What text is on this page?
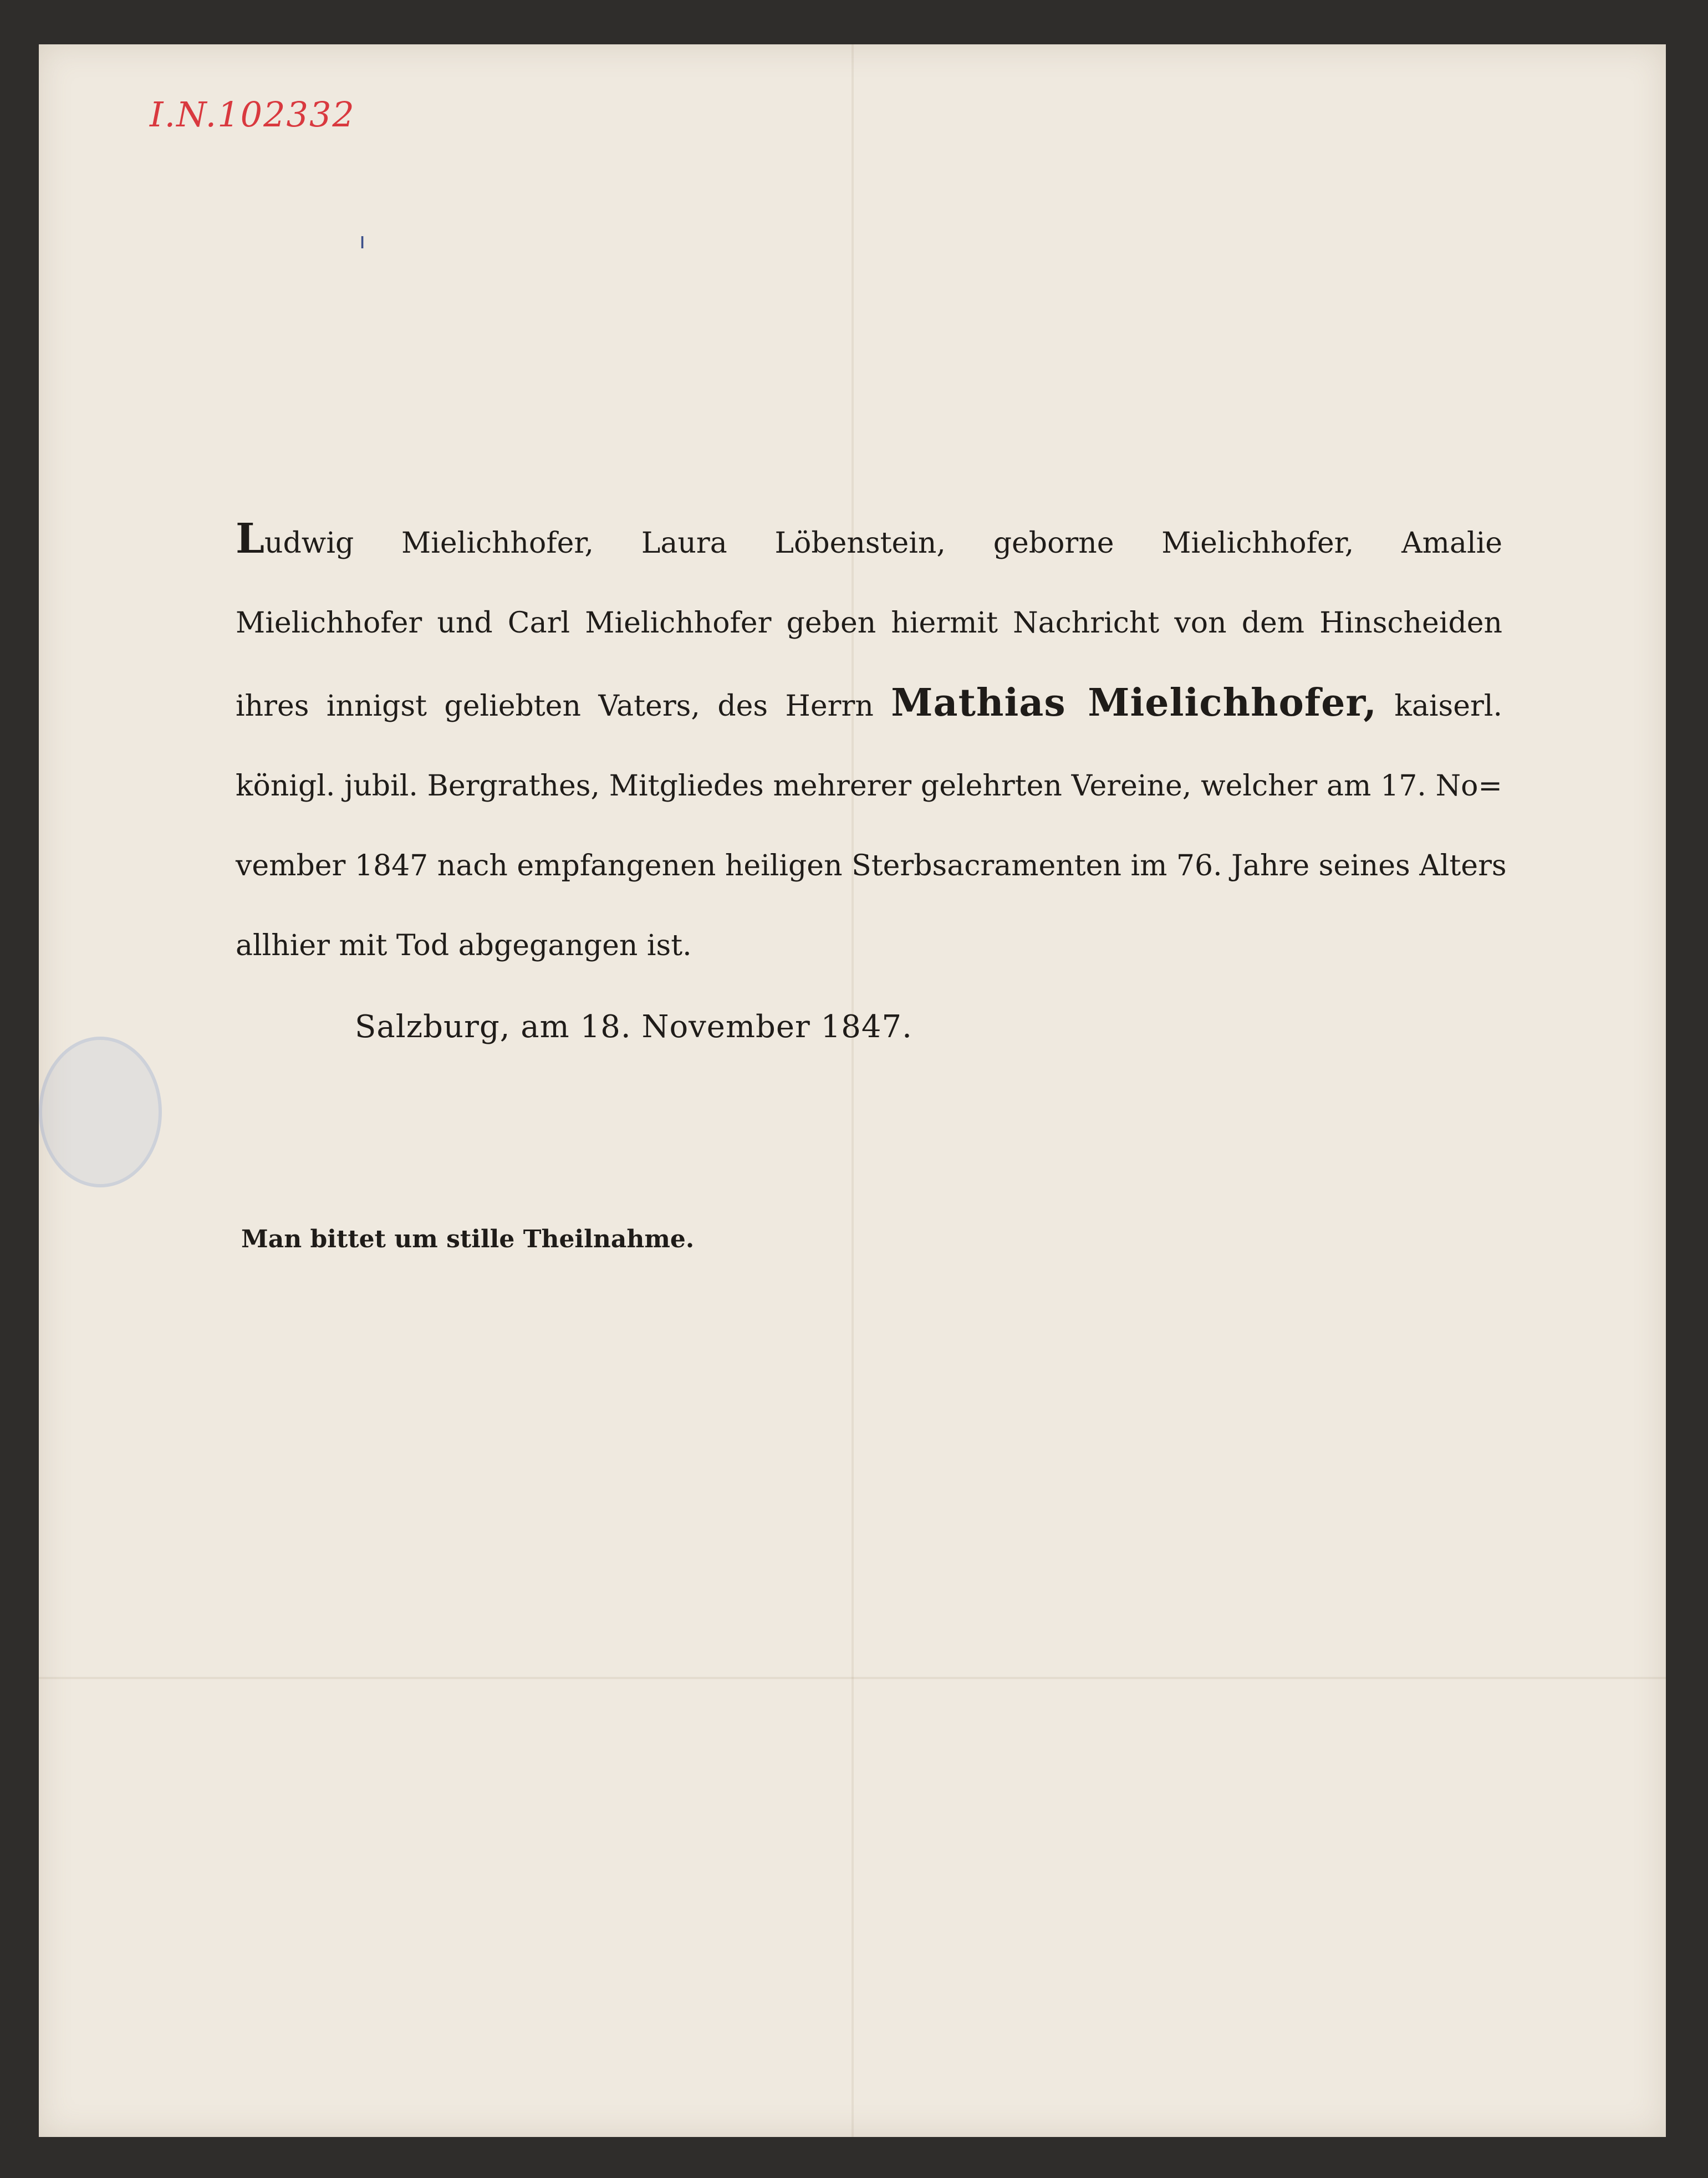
I.N.102332
ı
Ludwig Mielichhofer, Laura Löbenstein, geborne Mielichhofer, Amalie
Mielichhofer und Carl Mielichhofer geben hiermit Nachricht von dem Hinscheiden
ihres innigst geliebten Vaters, des Herrn Mathias Mielichhofer, kaiserl.
königl. jubil. Bergrathes, Mitgliedes mehrerer gelehrten Vereine, welcher am 17. No=
vember 1847 nach empfangenen heiligen Sterbsacramenten im 76. Jahre seines Alters
allhier mit Tod abgegangen ist.
Salzburg, am 18. November 1847.
Man bittet um stille Theilnahme.
